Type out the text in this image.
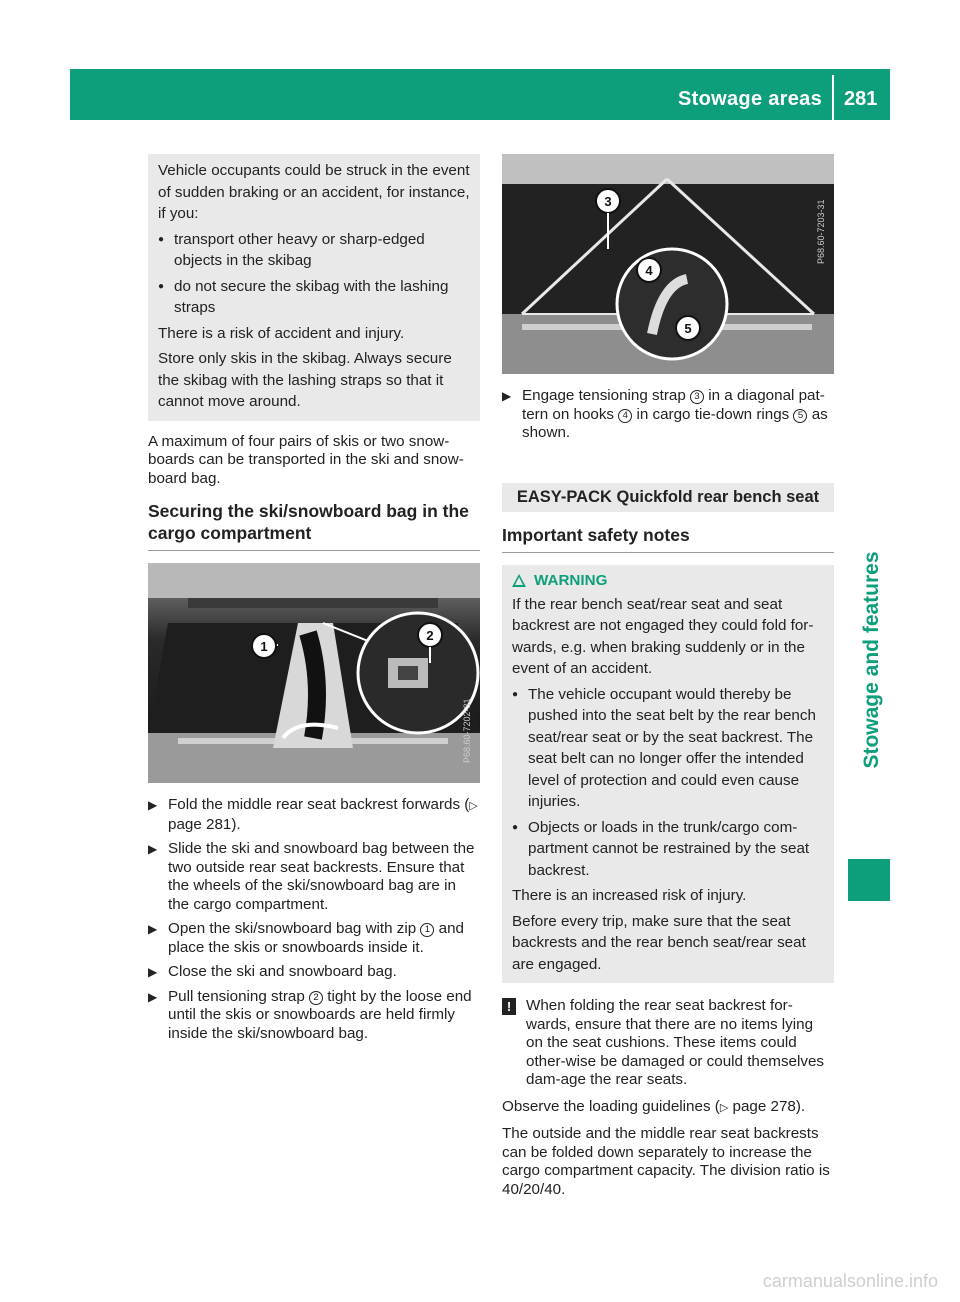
Stowage areas 281
Stowage and features

Vehicle occupants could be struck in the event of sudden braking or an accident, for instance, if you:

● transport other heavy or sharp-edged objects in the skibag
● do not secure the skibag with the lashing straps

There is a risk of accident and injury.

Store only skis in the skibag. Always secure the skibag with the lashing straps so that it cannot move around.

A maximum of four pairs of skis or two snow-boards can be transported in the ski and snow-board bag.

Securing the ski/snowboard bag in the cargo compartment
1
2
P68.60-7202-31
▶ Fold the middle rear seat backrest forwards (▷ page 281).
▶ Slide the ski and snowboard bag between the two outside rear seat backrests. Ensure that the wheels of the ski/snowboard bag are in the cargo compartment.
▶ Open the ski/snowboard bag with zip 1 and place the skis or snowboards inside it.
▶ Close the ski and snowboard bag.
▶ Pull tensioning strap 2 tight by the loose end until the skis or snowboards are held firmly inside the ski/snowboard bag.
3
4
5
P68.60-7203-31
▶ Engage tensioning strap 3 in a diagonal pat-tern on hooks 4 in cargo tie-down rings 5 as shown.
EASY-PACK Quickfold rear bench seat
Important safety notes
WARNING

If the rear bench seat/rear seat and seat backrest are not engaged they could fold for-wards, e.g. when braking suddenly or in the event of an accident.

● The vehicle occupant would thereby be pushed into the seat belt by the rear bench seat/rear seat or by the seat backrest. The seat belt can no longer offer the intended level of protection and could even cause injuries.
● Objects or loads in the trunk/cargo com-partment cannot be restrained by the seat backrest.

There is an increased risk of injury.

Before every trip, make sure that the seat backrests and the rear bench seat/rear seat are engaged.

! When folding the rear seat backrest for-wards, ensure that there are no items lying on the seat cushions. These items could other-wise be damaged or could themselves dam-age the rear seats.

Observe the loading guidelines (▷ page 278).

The outside and the middle rear seat backrests can be folded down separately to increase the cargo compartment capacity. The division ratio is 40/20/40.

carmanualsonline.info
